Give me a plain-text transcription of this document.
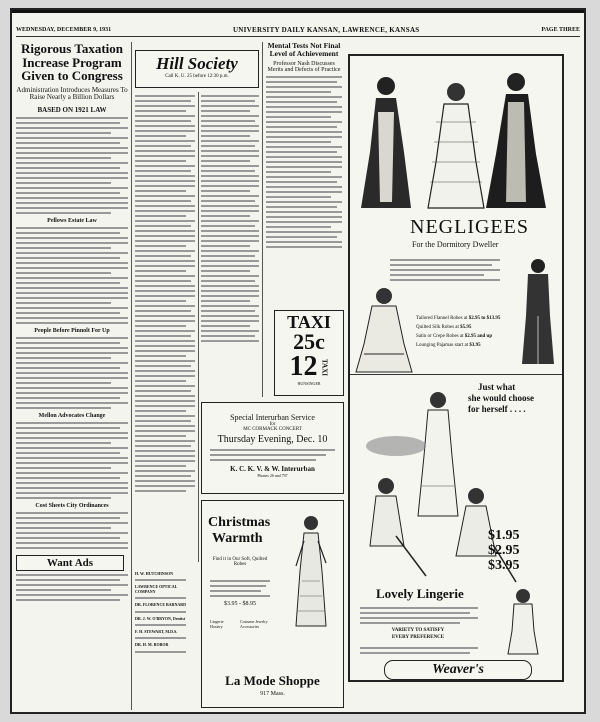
WEDNESDAY, DECEMBER 9, 1931	UNIVERSITY DAILY KANSAN, LAWRENCE, KANSAS	PAGE THREE
Rigorous Taxation Increase Program Given to Congress
Administration Introduces Measures To Raise Nearly a Billion Dollars
BASED ON 1921 LAW
Pellows Estate Law
People Before Pinnolt For Up
Mellon Advocates Change
Cost Sheets City Ordinances
Want Ads
Hill Society
Call K. U. 25 before 12:30 p.m.
H. W. HUTCHINSON
LAWRENCE OPTICAL COMPANY
DR. FLORENCE BARNARD
DR. J. W. O'BRYON, Dentist
F. H. STEWART, M.D.S.
DR. H. M. ROBOR
Mental Tests Not Final Level of Achievement
Professor Nash Discusses Merits and Defects of Practice
TAXI
25c
12 TAXI
HUNSINGER
Special Interurban Service
for
MC CORMACK CONCERT
Thursday Evening, Dec. 10
K. C. K. V. & W. Interurban
Phones 26 and 797
Christmas
Warmth
Find it in Our Soft, Quilted Robes
$3.95 - $8.95
Lingerie	Costume Jewelry
Hosiery	Accessories
La Mode Shoppe
917 Mass.
NEGLIGEES
For the Dormitory Dweller
Tailored Flannel Robes at $2.95 to $13.95
Quilted Silk Robes at $5.95
Satin or Crepe Robes at $2.95 and up
Lounging Pajamas start at $3.95
Just what
she would choose
for herself . . . .
$1.95
$2.95
$3.95
Lovely Lingerie
VARIETY TO SATISFY
EVERY PREFERENCE
Weaver's
